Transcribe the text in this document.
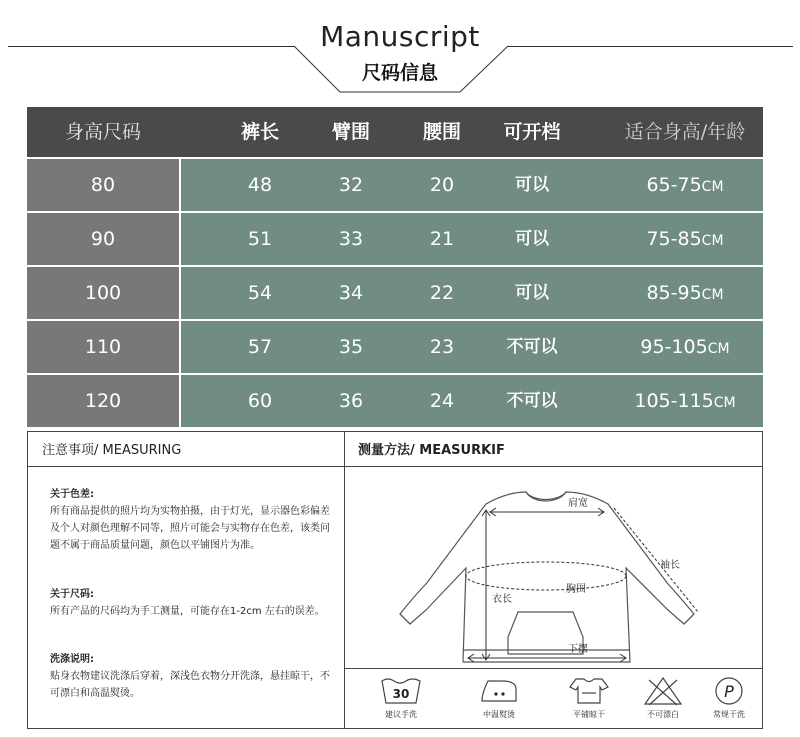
Manuscript
尺码信息
身高尺码	裤长	臂围	腰围	可开档	适合身高/年龄
80	48	32	20	可以	65-75CM
90	51	33	21	可以	75-85CM
100	54	34	22	可以	85-95CM
110	57	35	23	不可以	95-105CM
120	60	36	24	不可以	105-115CM
注意事项/ MEASURING	测量方法/ MEASURKIF

关于色差:

所有商品提供的照片均为实物拍摄，由于灯光，显示器色彩偏差及个人对颜色理解不同等，照片可能会与实物存在色差，该类问题不属于商品质量问题，颜色以平铺图片为准。

关于尺码:

所有产品的尺码均为手工测量，可能存在1-2cm 左右的误差。

洗涤说明:

贴身衣物建议洗涤后穿着，深浅色衣物分开洗涤，悬挂晾干，不可漂白和高温熨烫。

肩宽
袖长
胸围
衣长
下摆
30
建议手洗	中温熨烫	平铺晾干	不可漂白
P
常规干洗
